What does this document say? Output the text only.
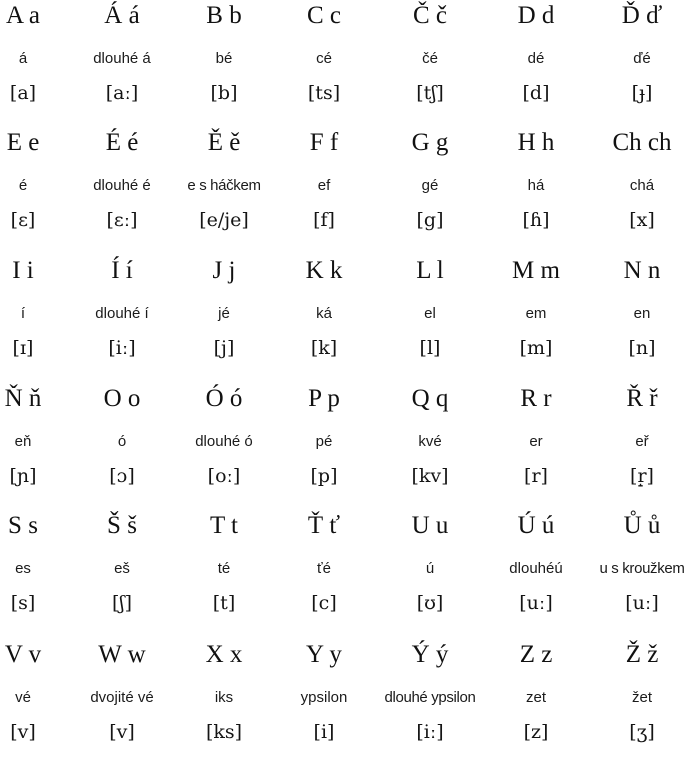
A a
á
[a]
Á á
dlouhé á
[aː]
B b
bé
[b]
C c
cé
[ts]
Č č
čé
[tʃ]
D d
dé
[d]
Ď ď
ďé
[ɟ]
E e
é
[ɛ]
É é
dlouhé é
[ɛː]
Ě ě
e s háčkem
[e/je]
F f
ef
[f]
G g
gé
[g]
H h
há
[ɦ]
Ch ch
chá
[x]
I i
í
[ɪ]
Í í
dlouhé í
[iː]
J j
jé
[j]
K k
ká
[k]
L l
el
[l]
M m
em
[m]
N n
en
[n]
Ň ň
eň
[ɲ]
O o
ó
[ɔ]
Ó ó
dlouhé ó
[oː]
P p
pé
[p]
Q q
kvé
[kv]
R r
er
[r]
Ř ř
eř
[r̝]
S s
es
[s]
Š š
eš
[ʃ]
T t
té
[t]
Ť ť
ťé
[c]
U u
ú
[ʊ]
Ú ú
dlouhéú
[uː]
Ů ů
u s kroužkem
[uː]
V v
vé
[v]
W w
dvojité vé
[v]
X x
iks
[ks]
Y y
ypsilon
[i]
Ý ý
dlouhé ypsilon
[iː]
Z z
zet
[z]
Ž ž
žet
[ʒ]
